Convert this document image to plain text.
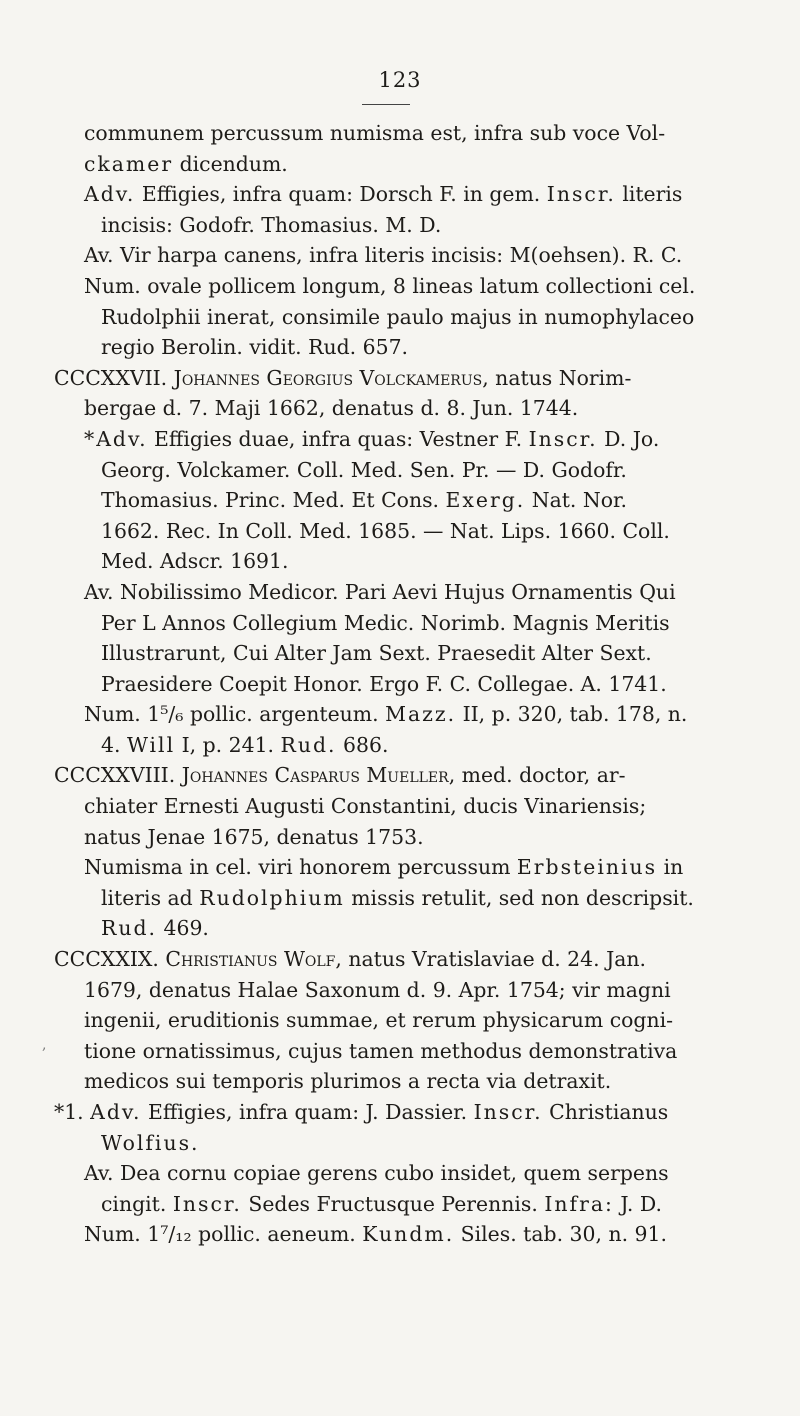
123
,
communem percussum numisma est, infra sub voce Vol-
ckamer dicendum.
Adv. Effigies, infra quam: Dorsch F. in gem. Inscr. literis
incisis: Godofr. Thomasius. M. D.
Av. Vir harpa canens, infra literis incisis: M(oehsen). R. C.
Num. ovale pollicem longum, 8 lineas latum collectioni cel.
Rudolphii inerat, consimile paulo majus in numophylaceo
regio Berolin. vidit. Rud. 657.
CCCXXVII. Johannes Georgius Volckamerus, natus Norim-
bergae d. 7. Maji 1662, denatus d. 8. Jun. 1744.
*Adv. Effigies duae, infra quas: Vestner F. Inscr. D. Jo.
Georg. Volckamer. Coll. Med. Sen. Pr. — D. Godofr.
Thomasius. Princ. Med. Et Cons. Exerg. Nat. Nor.
1662. Rec. In Coll. Med. 1685. — Nat. Lips. 1660. Coll.
Med. Adscr. 1691.
Av. Nobilissimo Medicor. Pari Aevi Hujus Ornamentis Qui
Per L Annos Collegium Medic. Norimb. Magnis Meritis
Illustrarunt, Cui Alter Jam Sext. Praesedit Alter Sext.
Praesidere Coepit Honor. Ergo F. C. Collegae. A. 1741.
Num. 1⁵/₆ pollic. argenteum. Mazz. II, p. 320, tab. 178, n.
4. Will I, p. 241. Rud. 686.
CCCXXVIII. Johannes Casparus Mueller, med. doctor, ar-
chiater Ernesti Augusti Constantini, ducis Vinariensis;
natus Jenae 1675, denatus 1753.
Numisma in cel. viri honorem percussum Erbsteinius in
literis ad Rudolphium missis retulit, sed non descripsit.
Rud. 469.
CCCXXIX. Christianus Wolf, natus Vratislaviae d. 24. Jan.
1679, denatus Halae Saxonum d. 9. Apr. 1754; vir magni
ingenii, eruditionis summae, et rerum physicarum cogni-
tione ornatissimus, cujus tamen methodus demonstrativa
medicos sui temporis plurimos a recta via detraxit.
*1. Adv. Effigies, infra quam: J. Dassier. Inscr. Christianus
Wolfius.
Av. Dea cornu copiae gerens cubo insidet, quem serpens
cingit. Inscr. Sedes Fructusque Perennis. Infra: J. D.
Num. 1⁷/₁₂ pollic. aeneum. Kundm. Siles. tab. 30, n. 91.
